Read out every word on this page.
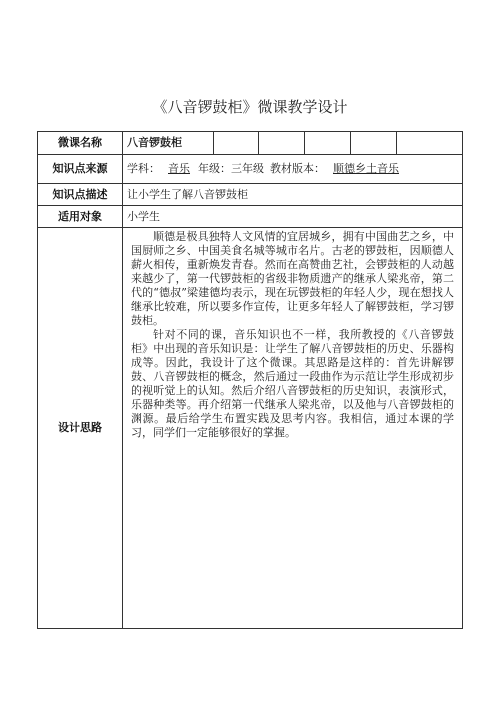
《八音锣鼓柜》微课教学设计
微课名称	八音锣鼓柜					
知识点来源	学科： 音乐 年级：三年级 教材版本： 顺德乡土音乐					
知识点描述	让小学生了解八音锣鼓柜					
适用对象	小学生					
设计思路	顺德是极具独特人文风情的宜居城乡，拥有中国曲艺之乡，中国厨师之乡、中国美食名城等城市名片。古老的锣鼓柜，因顺德人薪火相传，重新焕发青春。然而在高赞曲艺社，会锣鼓柜的人动越来越少了，第一代锣鼓柜的省级非物质遗产的继承人梁兆帝，第二代的“德叔”梁建德均表示，现在玩锣鼓柜的年轻人少，现在想找人继承比较难，所以要多作宣传，让更多年轻人了解锣鼓柜，学习锣鼓柜。

针对不同的课，音乐知识也不一样，我所教授的《八音锣鼓柜》中出现的音乐知识是：让学生了解八音锣鼓柜的历史、乐器构成等。因此，我设计了这个微课。其思路是这样的：首先讲解锣鼓、八音锣鼓柜的概念，然后通过一段曲作为示范让学生形成初步的视听觉上的认知。然后介绍八音锣鼓柜的历史知识，表演形式，乐器种类等。再介绍第一代继承人梁兆帝，以及他与八音锣鼓柜的渊源。最后给学生布置实践及思考内容。我相信，通过本课的学习，同学们一定能够很好的掌握。					
